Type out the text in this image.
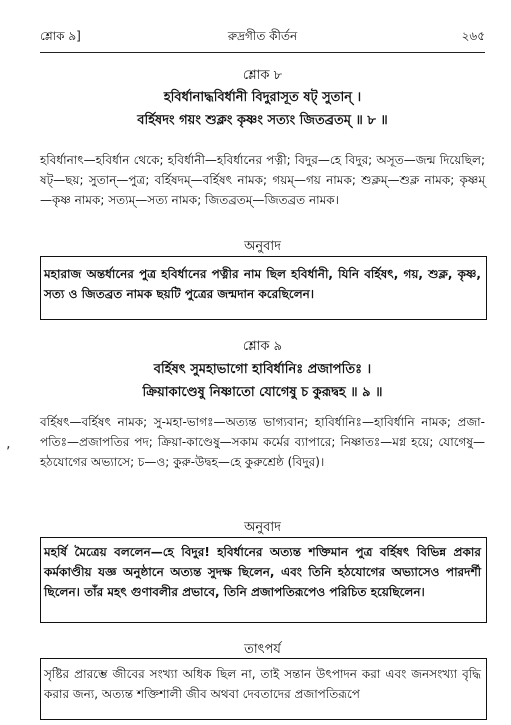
শ্লোক ৯]	রুদ্রগীত কীর্তন	২৬৫
শ্লোক ৮
হবির্ধানাদ্ধবির্ধানী বিদুরাসূত ষট্ সুতান্ ।
বর্হিষদং গয়ং শুক্লং কৃষ্ণং সত্যং জিতব্রতম্ ॥ ৮ ॥
হবির্ধানাৎ—হবির্ধান থেকে; হবির্ধানী—হবির্ধানের পত্নী; বিদুর—হে বিদুর; অসূত—জন্ম দিয়েছিল; ষট্—ছয়; সুতান্—পুত্র; বর্হিষদম্—বর্হিষৎ নামক; গয়ম্—গয় নামক; শুক্লম্—শুক্ল নামক; কৃষ্ণম্—কৃষ্ণ নামক; সত্যম্—সত্য নামক; জিতব্রতম্—জিতব্রত নামক।
অনুবাদ
মহারাজ অন্তর্ধানের পুত্র হবির্ধানের পত্নীর নাম ছিল হবির্ধানী, যিনি বর্হিষৎ, গয়, শুক্ল, কৃষ্ণ, সত্য ও জিতব্রত নামক ছয়টি পুত্রের জন্মদান করেছিলেন।
শ্লোক ৯
বর্হিষৎ সুমহাভাগো হাবির্ধানিঃ প্রজাপতিঃ ।
ক্রিয়াকাণ্ডেষু নিষ্ণাতো যোগেষু চ কুরূদ্বহ ॥ ৯ ॥
বর্হিষৎ—বর্হিষৎ নামক; সু-মহা-ভাগঃ—অত্যন্ত ভাগ্যবান; হাবির্ধানিঃ—হাবির্ধানি নামক; প্রজা-পতিঃ—প্রজাপতির পদ; ক্রিয়া-কাণ্ডেষু—সকাম কর্মের ব্যাপারে; নিষ্ণাতঃ—মগ্ন হয়ে; যোগেষু—হঠযোগের অভ্যাসে; চ—ও; কুরু-উদ্বহ—হে কুরুশ্রেষ্ঠ (বিদুর)।
‚
অনুবাদ
মহর্ষি মৈত্রেয় বললেন—হে বিদুর! হবির্ধানের অত্যন্ত শক্তিমান পুত্র বর্হিষৎ বিভিন্ন প্রকার কর্মকাণ্ডীয় যজ্ঞ অনুষ্ঠানে অত্যন্ত সুদক্ষ ছিলেন, এবং তিনি হঠযোগের অভ্যাসেও পারদর্শী ছিলেন। তাঁর মহৎ গুণাবলীর প্রভাবে, তিনি প্রজাপতিরূপেও পরিচিত হয়েছিলেন।
তাৎপর্য
সৃষ্টির প্রারম্ভে জীবের সংখ্যা অধিক ছিল না, তাই সন্তান উৎপাদন করা এবং জনসংখ্যা বৃদ্ধি করার জন্য, অত্যন্ত শক্তিশালী জীব অথবা দেবতাদের প্রজাপতিরূপে
